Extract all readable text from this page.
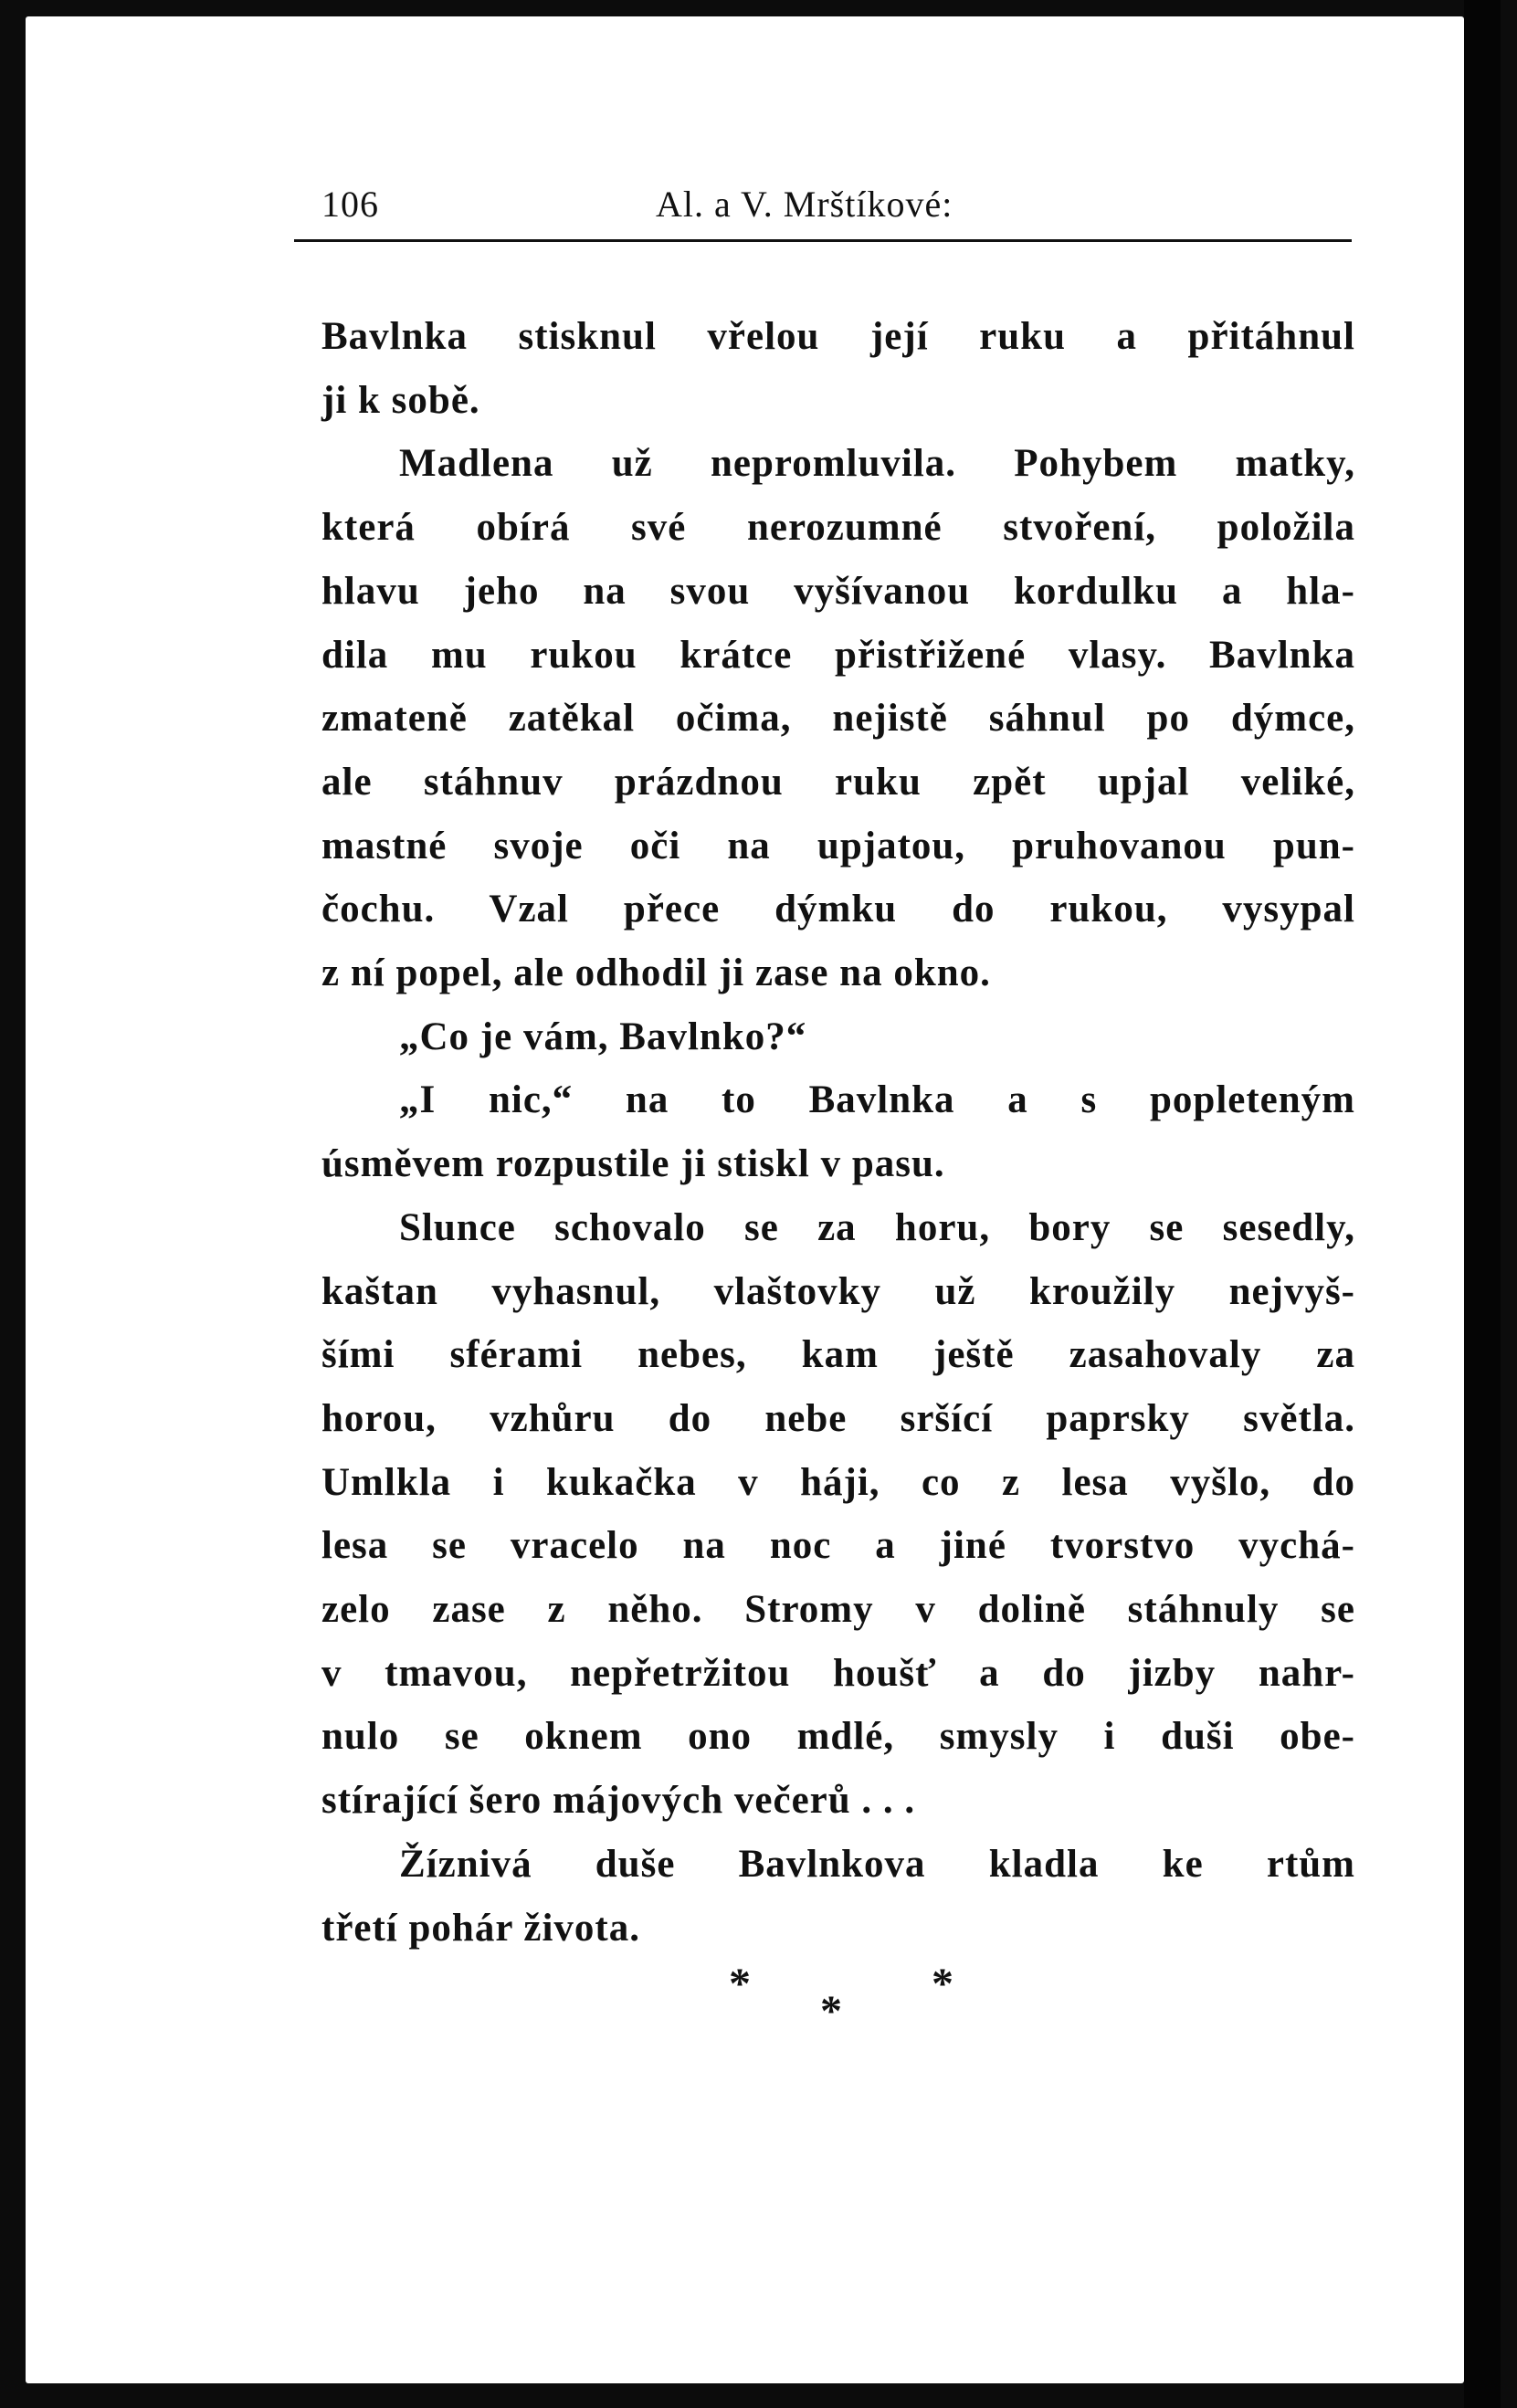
106	Al. a V. Mrštíkové:
Bavlnka stisknul vřelou její ruku a přitáhnul
ji k sobě.
Madlena už nepromluvila. Pohybem matky,
která obírá své nerozumné stvoření, položila
hlavu jeho na svou vyšívanou kordulku a hla-
dila mu rukou krátce přistřižené vlasy. Bavlnka
zmateně zatěkal očima, nejistě sáhnul po dýmce,
ale stáhnuv prázdnou ruku zpět upjal veliké,
mastné svoje oči na upjatou, pruhovanou pun-
čochu. Vzal přece dýmku do rukou, vysypal
z ní popel, ale odhodil ji zase na okno.
„Co je vám, Bavlnko?“
„I nic,“ na to Bavlnka a s popleteným
úsměvem rozpustile ji stiskl v pasu.
Slunce schovalo se za horu, bory se sesedly,
kaštan vyhasnul, vlaštovky už kroužily nejvyš-
šími sférami nebes, kam ještě zasahovaly za
horou, vzhůru do nebe sršící paprsky světla.
Umlkla i kukačka v háji, co z lesa vyšlo, do
lesa se vracelo na noc a jiné tvorstvo vychá-
zelo zase z něho. Stromy v dolině stáhnuly se
v tmavou, nepřetržitou houšť a do jizby nahr-
nulo se oknem ono mdlé, smysly i duši obe-
stírající šero májových večerů . . .
Žíznivá duše Bavlnkova kladla ke rtům
třetí pohár života.
*
*
*
